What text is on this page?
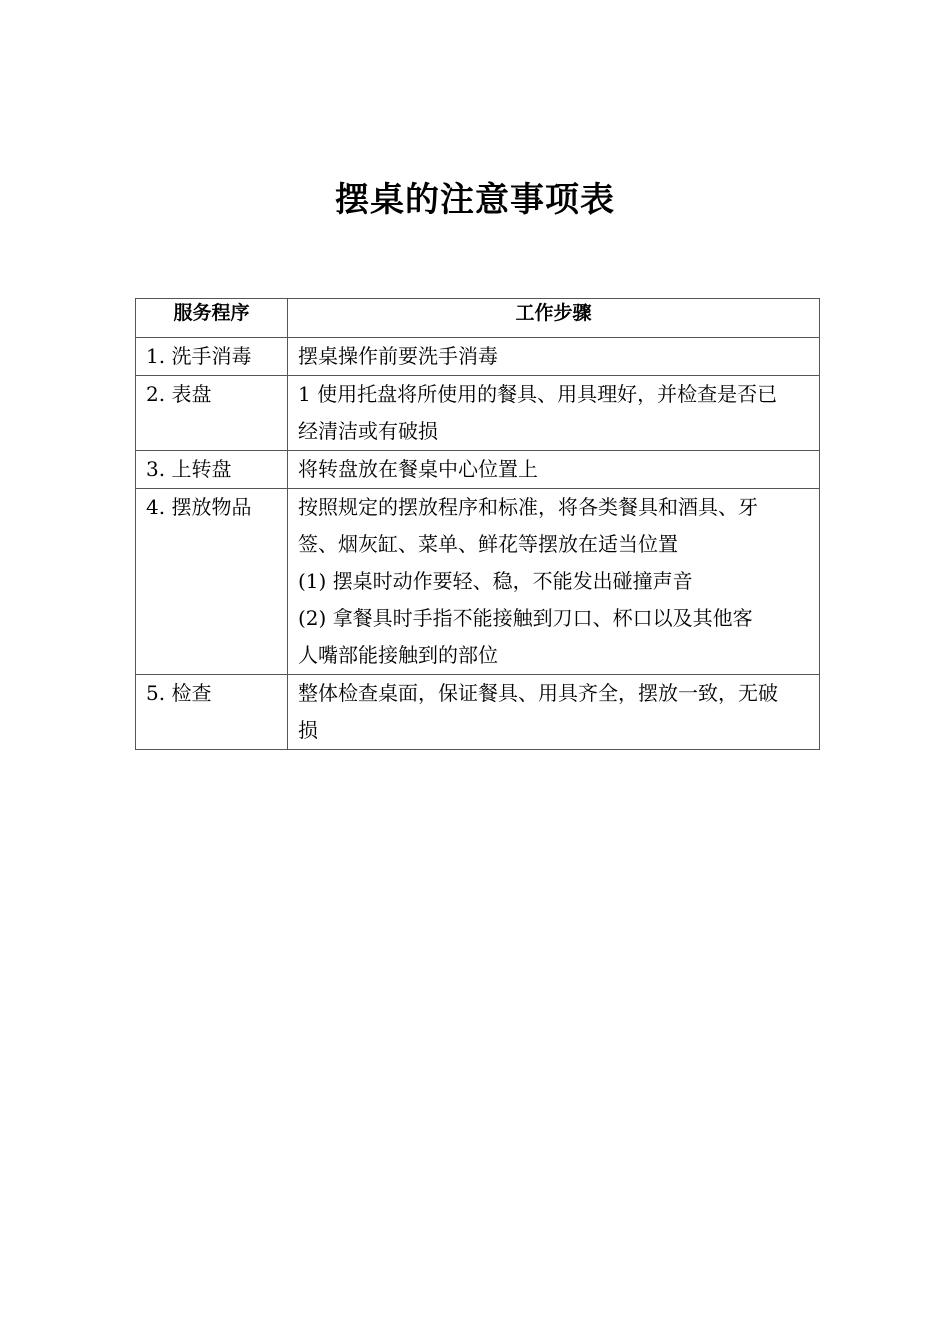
摆桌的注意事项表
服务程序	工作步骤
1. 洗手消毒	摆桌操作前要洗手消毒

2. 表盘	1 使用托盘将所使用的餐具、用具理好，并检查是否已
经清洁或有破损

3. 上转盘	将转盘放在餐桌中心位置上

4. 摆放物品	按照规定的摆放程序和标准，将各类餐具和酒具、牙
签、烟灰缸、菜单、鲜花等摆放在适当位置
(1) 摆桌时动作要轻、稳，不能发出碰撞声音
(2) 拿餐具时手指不能接触到刀口、杯口以及其他客
人嘴部能接触到的部位

5. 检查	整体检查桌面，保证餐具、用具齐全，摆放一致，无破
损
